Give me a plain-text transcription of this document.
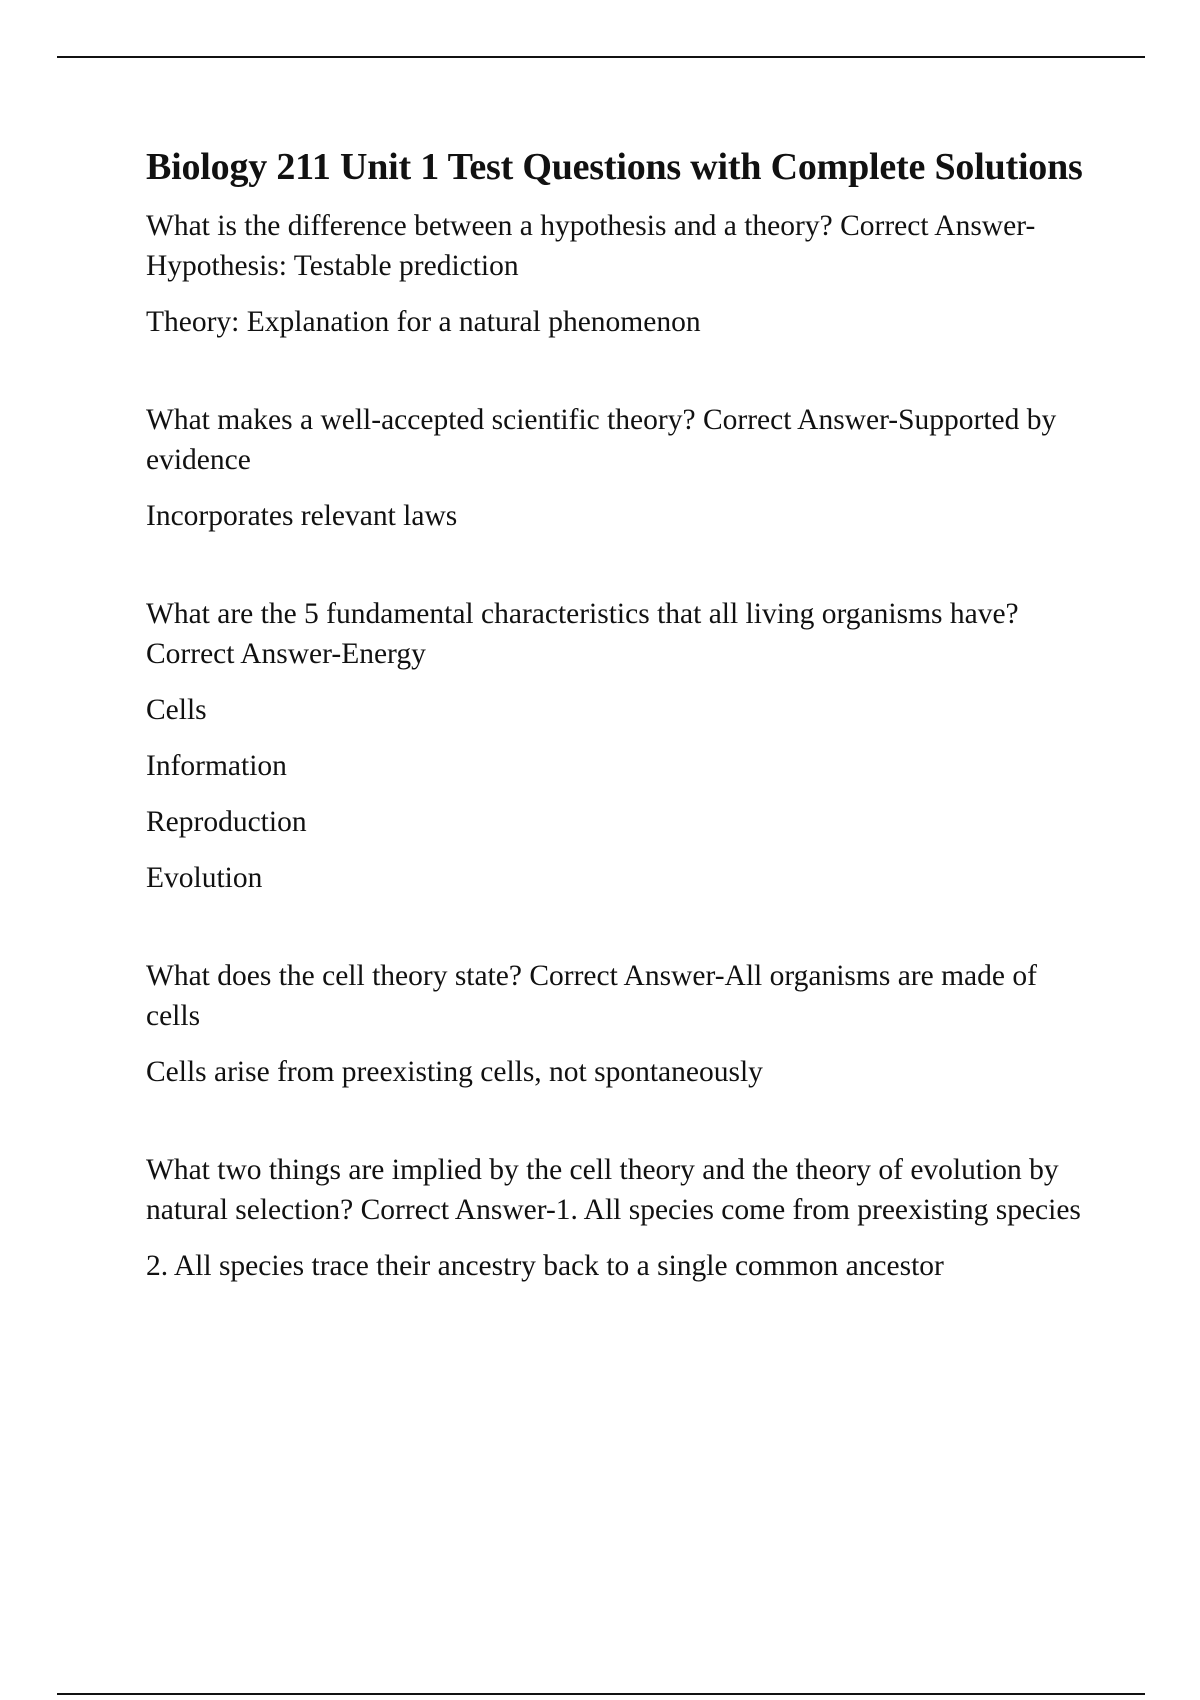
Biology 211 Unit 1 Test Questions with Complete Solutions

What is the difference between a hypothesis and a theory? Correct Answer-Hypothesis: Testable prediction

Theory: Explanation for a natural phenomenon

What makes a well-accepted scientific theory? Correct Answer-Supported by evidence

Incorporates relevant laws

What are the 5 fundamental characteristics that all living organisms have? Correct Answer-Energy

Cells

Information

Reproduction

Evolution

What does the cell theory state? Correct Answer-All organisms are made of cells

Cells arise from preexisting cells, not spontaneously

What two things are implied by the cell theory and the theory of evolution by natural selection? Correct Answer-1. All species come from preexisting species

2. All species trace their ancestry back to a single common ancestor
